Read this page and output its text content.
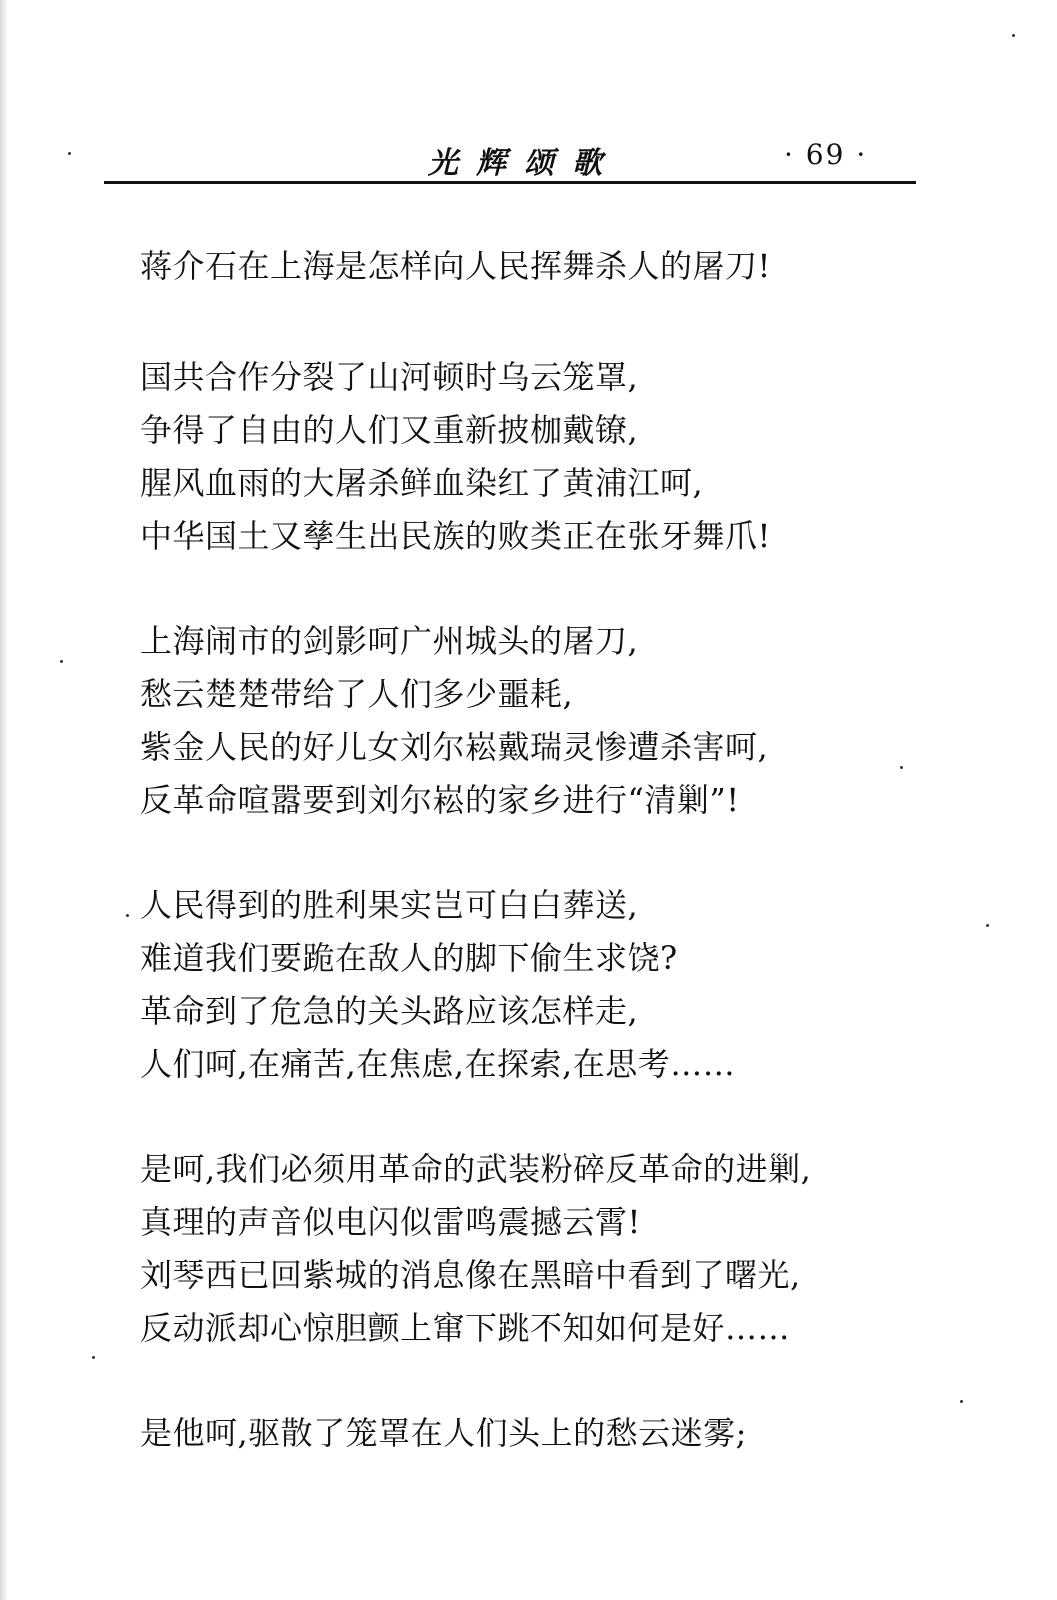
光辉颂歌	· 69 ·
蒋介石在上海是怎样向人民挥舞杀人的屠刀!
国共合作分裂了山河顿时乌云笼罩,
争得了自由的人们又重新披枷戴镣,
腥风血雨的大屠杀鲜血染红了黄浦江呵,
中华国土又孳生出民族的败类正在张牙舞爪!
上海闹市的剑影呵广州城头的屠刀,
愁云楚楚带给了人们多少噩耗,
紫金人民的好儿女刘尔崧戴瑞灵惨遭杀害呵,
反革命喧嚣要到刘尔崧的家乡进行“清剿”!
人民得到的胜利果实岂可白白葬送,
难道我们要跪在敌人的脚下偷生求饶?
革命到了危急的关头路应该怎样走,
人们呵,在痛苦,在焦虑,在探索,在思考……
是呵,我们必须用革命的武装粉碎反革命的进剿,
真理的声音似电闪似雷鸣震撼云霄!
刘琴西已回紫城的消息像在黑暗中看到了曙光,
反动派却心惊胆颤上窜下跳不知如何是好……
是他呵,驱散了笼罩在人们头上的愁云迷雾;
